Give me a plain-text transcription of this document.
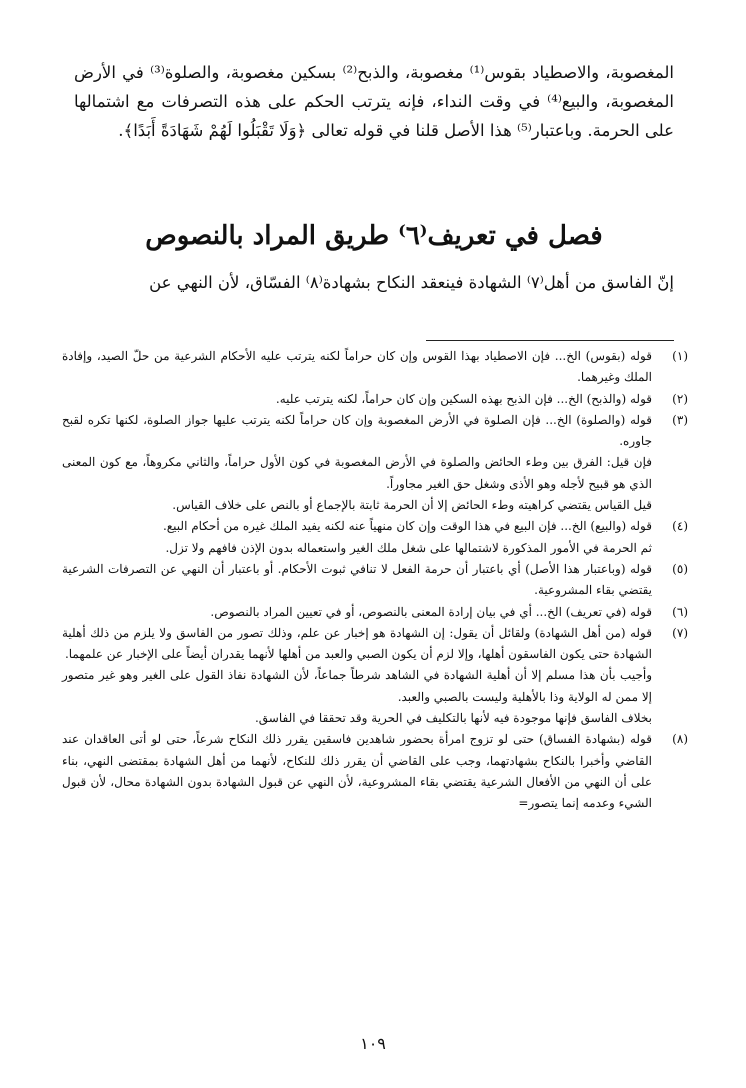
المغصوبة، والاصطياد بقوس⁽¹⁾ مغصوبة، والذبح⁽²⁾ بسكين مغصوبة، والصلوة⁽³⁾ في الأرض المغصوبة، والبيع⁽⁴⁾ في وقت النداء، فإنه يترتب الحكم على هذه التصرفات مع اشتمالها على الحرمة. وباعتبار⁽⁵⁾ هذا الأصل قلنا في قوله تعالى ﴿وَلَا تَقْبَلُوا لَهُمْ شَهَادَةً أَبَدًا﴾.
فصل في تعريف⁽٦⁾ طريق المراد بالنصوص
إنّ الفاسق من أهل⁽٧⁾ الشهادة فينعقد النكاح بشهادة⁽٨⁾ الفسّاق، لأن النهي عن
(١)
قوله (بقوس) الخ... فإن الاصطياد بهذا القوس وإن كان حراماً لكنه يترتب عليه الأحكام الشرعية من حلّ الصيد، وإفادة الملك وغيرهما.
(٢)
قوله (والذبح) الخ... فإن الذبح بهذه السكين وإن كان حراماً، لكنه يترتب عليه.
(٣)
قوله (والصلوة) الخ... فإن الصلوة في الأرض المغصوبة وإن كان حراماً لكنه يترتب عليها جواز الصلوة، لكنها تكره لقبح جاوره.
فإن قيل: الفرق بين وطء الحائض والصلوة في الأرض المغصوبة في كون الأول حراماً، والثاني مكروهاً، مع كون المعنى الذي هو قبيح لأجله وهو الأذى وشغل حق الغير مجاوراً.
قيل القياس يقتضي كراهيته وطء الحائض إلا أن الحرمة ثابتة بالإجماع أو بالنص على خلاف القياس.
(٤)
قوله (والبيع) الخ... فإن البيع في هذا الوقت وإن كان منهياً عنه لكنه يفيد الملك غيره من أحكام البيع.
ثم الحرمة في الأمور المذكورة لاشتمالها على شغل ملك الغير واستعماله بدون الإذن فافهم ولا تزل.
(٥)
قوله (وباعتبار هذا الأصل) أي باعتبار أن حرمة الفعل لا تنافي ثبوت الأحكام. أو باعتبار أن النهي عن التصرفات الشرعية يقتضي بقاء المشروعية.
(٦)
قوله (في تعريف) الخ... أي في بيان إرادة المعنى بالنصوص، أو في تعيين المراد بالنصوص.
(٧)
قوله (من أهل الشهادة) ولقائل أن يقول: إن الشهادة هو إخبار عن علم، وذلك تصور من الفاسق ولا يلزم من ذلك أهلية الشهادة حتى يكون الفاسقون أهلها، وإلا لزم أن يكون الصبي والعبد من أهلها لأنهما يقدران أيضاً على الإخبار عن علمهما.
وأجيب بأن هذا مسلم إلا أن أهلية الشهادة في الشاهد شرطاً جماعاً، لأن الشهادة نفاذ القول على الغير وهو غير متصور إلا ممن له الولاية وذا بالأهلية وليست بالصبي والعبد.
بخلاف الفاسق فإنها موجودة فيه لأنها بالتكليف في الحرية وقد تحققا في الفاسق.
(٨)
قوله (بشهادة الفساق) حتى لو تزوج امرأة بحضور شاهدين فاسقين يقرر ذلك النكاح شرعاً، حتى لو أتى العاقدان عند القاضي وأخبرا بالنكاح بشهادتهما، وجب على القاضي أن يقرر ذلك للنكاح، لأنهما من أهل الشهادة بمقتضى النهي، بناء على أن النهي من الأفعال الشرعية يقتضي بقاء المشروعية، لأن النهي عن قبول الشهادة بدون الشهادة محال، لأن قبول الشيء وعدمه إنما يتصور=
١٠٩
